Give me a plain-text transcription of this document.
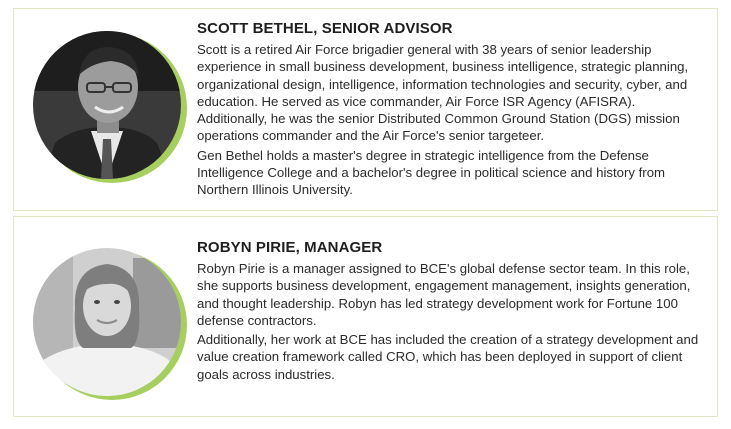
SCOTT BETHEL, SENIOR ADVISOR

Scott is a retired Air Force brigadier general with 38 years of senior leadership experience in small business development, business intelligence, strategic planning, organizational design, intelligence, information technologies and security, cyber, and education. He served as vice commander, Air Force ISR Agency (AFISRA). Additionally, he was the senior Distributed Common Ground Station (DGS) mission operations commander and the Air Force's senior targeteer.

Gen Bethel holds a master's degree in strategic intelligence from the Defense Intelligence College and a bachelor's degree in political science and history from Northern Illinois University.

ROBYN PIRIE, MANAGER

Robyn Pirie is a manager assigned to BCE's global defense sector team. In this role, she supports business development, engagement management, insights generation, and thought leadership. Robyn has led strategy development work for Fortune 100 defense contractors.

Additionally, her work at BCE has included the creation of a strategy development and value creation framework called CRO, which has been deployed in support of client goals across industries.
